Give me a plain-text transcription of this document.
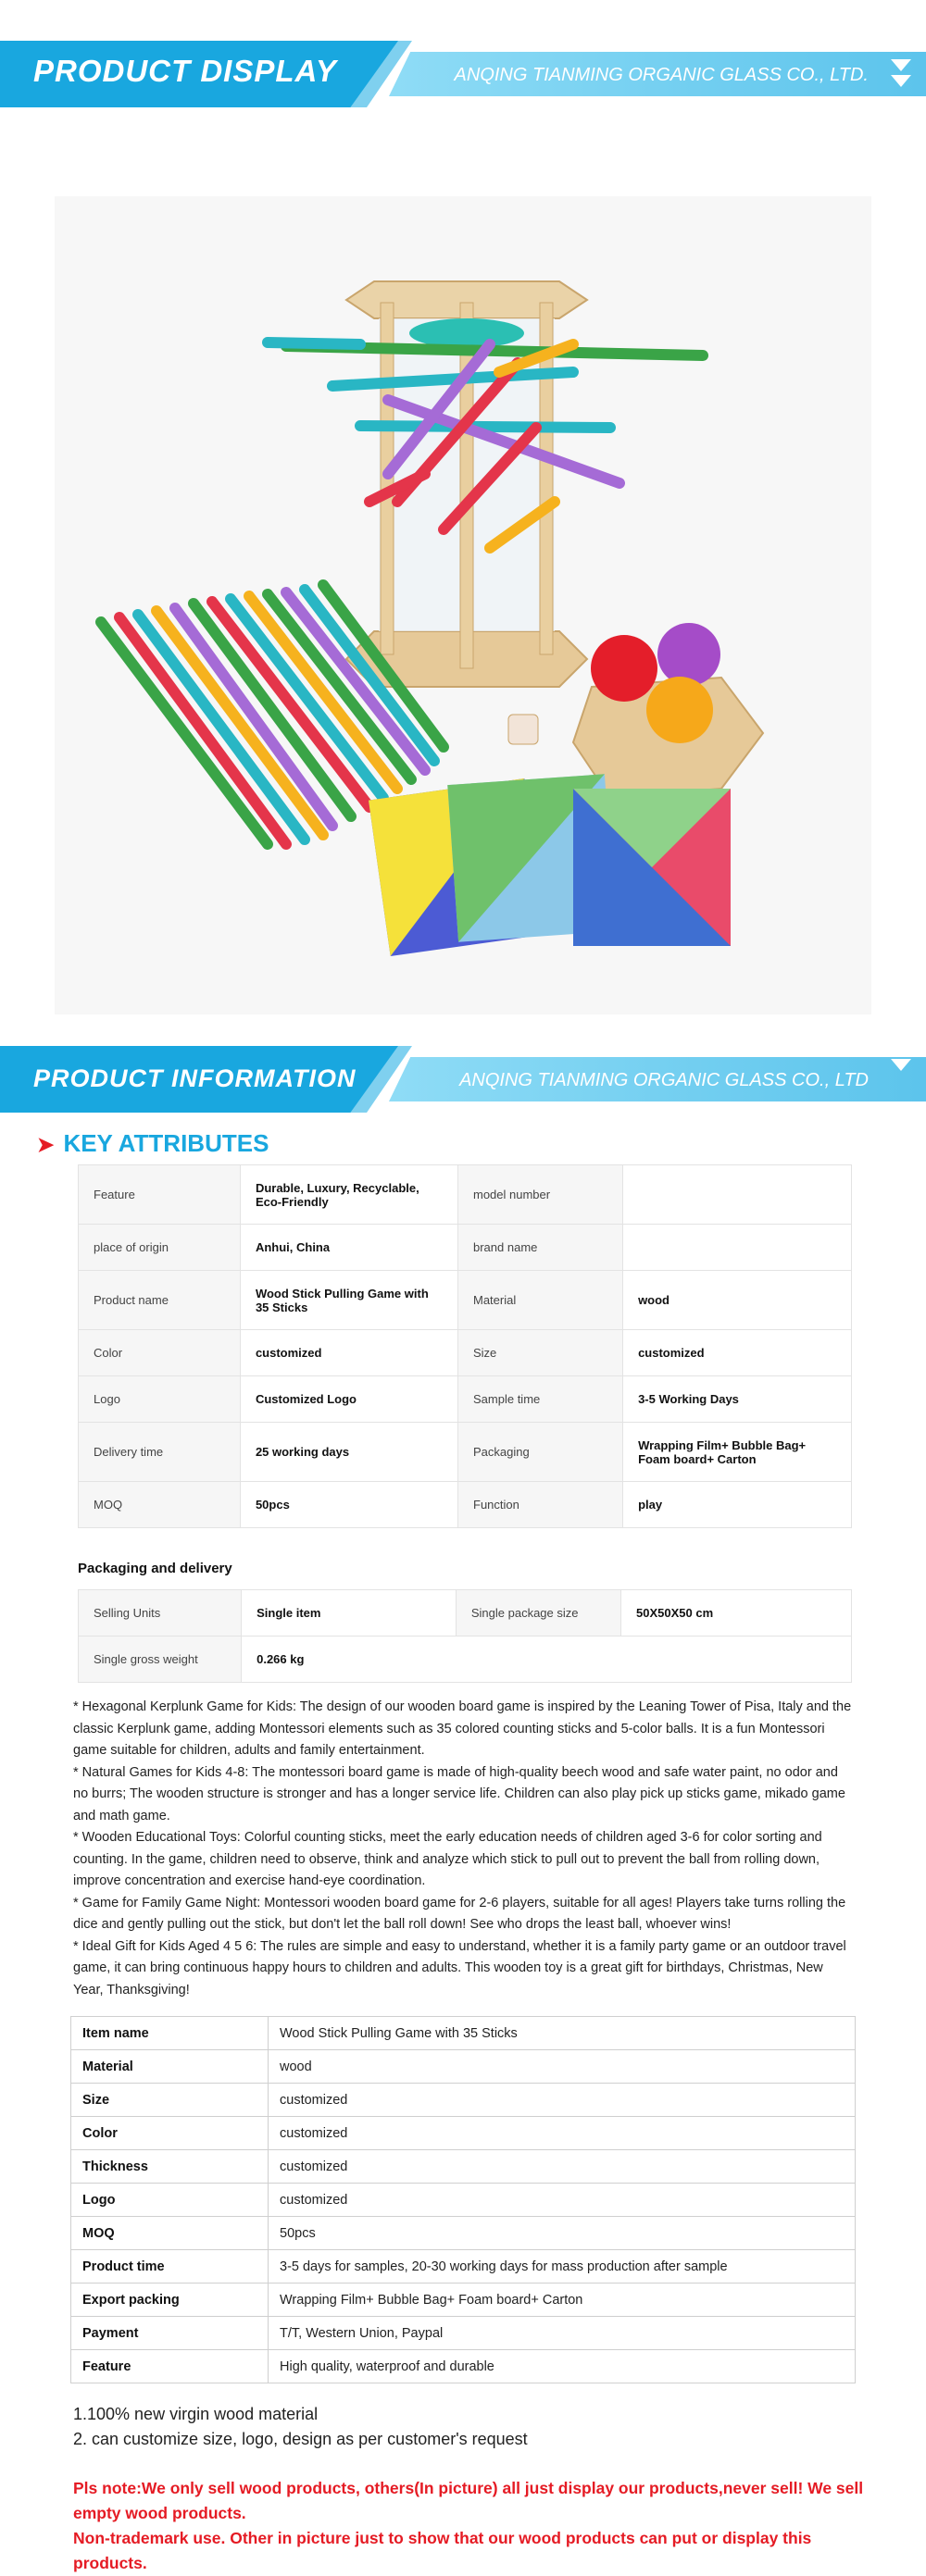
PRODUCT DISPLAY	ANQING TIANMING ORGANIC GLASS CO., LTD.
PRODUCT INFORMATION	ANQING TIANMING ORGANIC GLASS CO., LTD
➤ KEY ATTRIBUTES
Feature	Durable, Luxury, Recyclable, Eco-Friendly	model number	
place of origin	Anhui, China	brand name	
Product name	Wood Stick Pulling Game with 35 Sticks	Material	wood
Color	customized	Size	customized
Logo	Customized Logo	Sample time	3-5 Working Days
Delivery time	25 working days	Packaging	Wrapping Film+ Bubble Bag+ Foam board+ Carton
MOQ	50pcs	Function	play
Packaging and delivery
Selling Units	Single item	Single package size	50X50X50 cm
Single gross weight	0.266 kg		

* Hexagonal Kerplunk Game for Kids: The design of our wooden board game is inspired by the Leaning Tower of Pisa, Italy and the classic Kerplunk game, adding Montessori elements such as 35 colored counting sticks and 5-color balls. It is a fun Montessori game suitable for children, adults and family entertainment.

* Natural Games for Kids 4-8: The montessori board game is made of high-quality beech wood and safe water paint, no odor and no burrs; The wooden structure is stronger and has a longer service life. Children can also play pick up sticks game, mikado game and math game.

* Wooden Educational Toys: Colorful counting sticks, meet the early education needs of children aged 3-6 for color sorting and counting. In the game, children need to observe, think and analyze which stick to pull out to prevent the ball from rolling down, improve concentration and exercise hand-eye coordination.

* Game for Family Game Night: Montessori wooden board game for 2-6 players, suitable for all ages! Players take turns rolling the dice and gently pulling out the stick, but don't let the ball roll down! See who drops the least ball, whoever wins!

* Ideal Gift for Kids Aged 4 5 6: The rules are simple and easy to understand, whether it is a family party game or an outdoor travel game, it can bring continuous happy hours to children and adults. This wooden toy is a great gift for birthdays, Christmas, New Year, Thanksgiving!

Item name	Wood Stick Pulling Game with 35 Sticks
Material	wood
Size	customized
Color	customized
Thickness	customized
Logo	customized
MOQ	50pcs
Product time	3-5 days for samples, 20-30 working days for mass production after sample
Export packing	Wrapping Film+ Bubble Bag+ Foam board+ Carton
Payment	T/T, Western Union, Paypal
Feature	High quality, waterproof and durable

1.100% new virgin wood material

2. can customize size, logo, design as per customer's request

Pls note:We only sell wood products, others(In picture) all just display our products,never sell! We sell empty wood products.

Non-trademark use. Other in picture just to show that our wood products can put or display this products.
